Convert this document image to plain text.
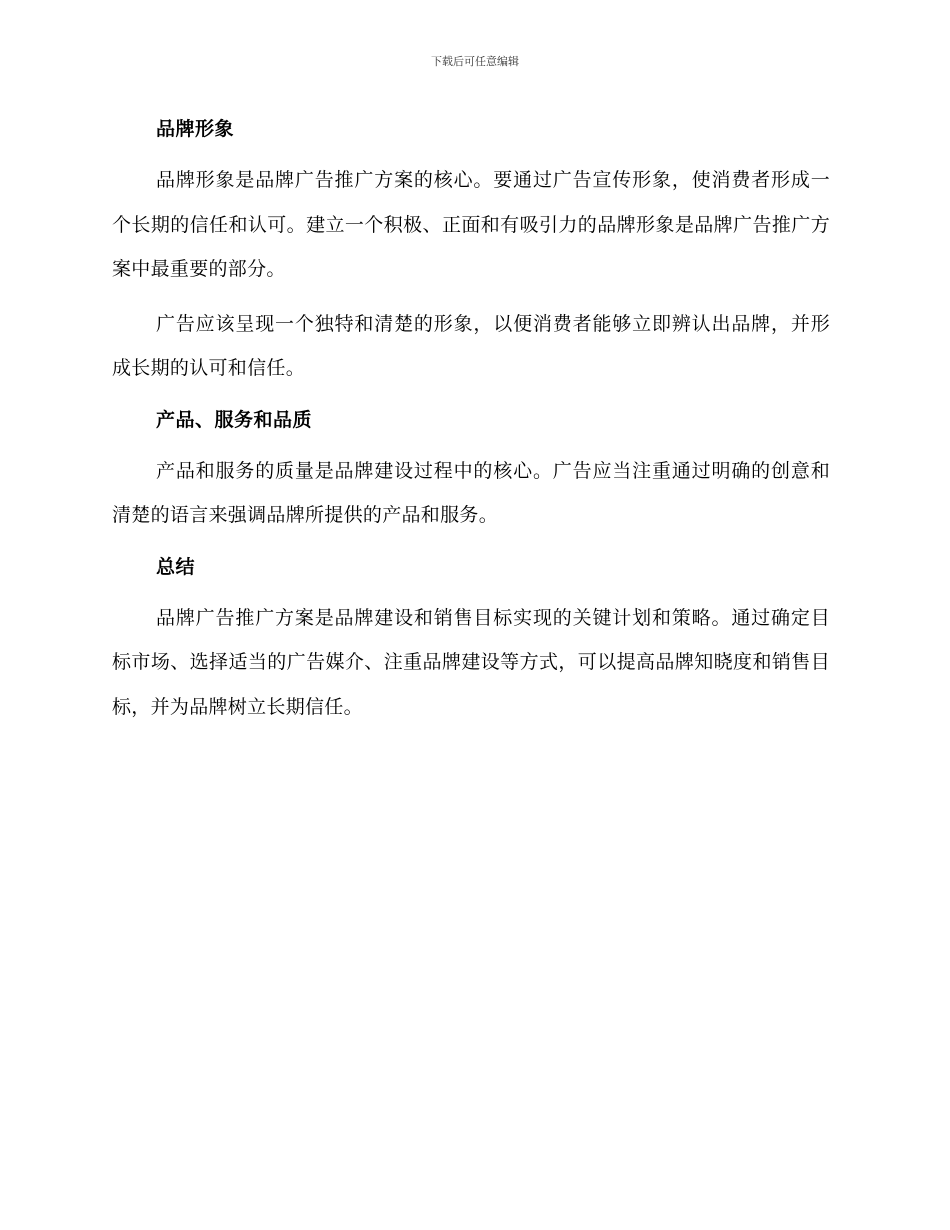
下载后可任意编辑
品牌形象

品牌形象是品牌广告推广方案的核心。要通过广告宣传形象，使消费者形成一个长期的信任和认可。建立一个积极、正面和有吸引力的品牌形象是品牌广告推广方案中最重要的部分。

广告应该呈现一个独特和清楚的形象，以便消费者能够立即辨认出品牌，并形成长期的认可和信任。

产品、服务和品质

产品和服务的质量是品牌建设过程中的核心。广告应当注重通过明确的创意和清楚的语言来强调品牌所提供的产品和服务。

总结

品牌广告推广方案是品牌建设和销售目标实现的关键计划和策略。通过确定目标市场、选择适当的广告媒介、注重品牌建设等方式，可以提高品牌知晓度和销售目标，并为品牌树立长期信任。
